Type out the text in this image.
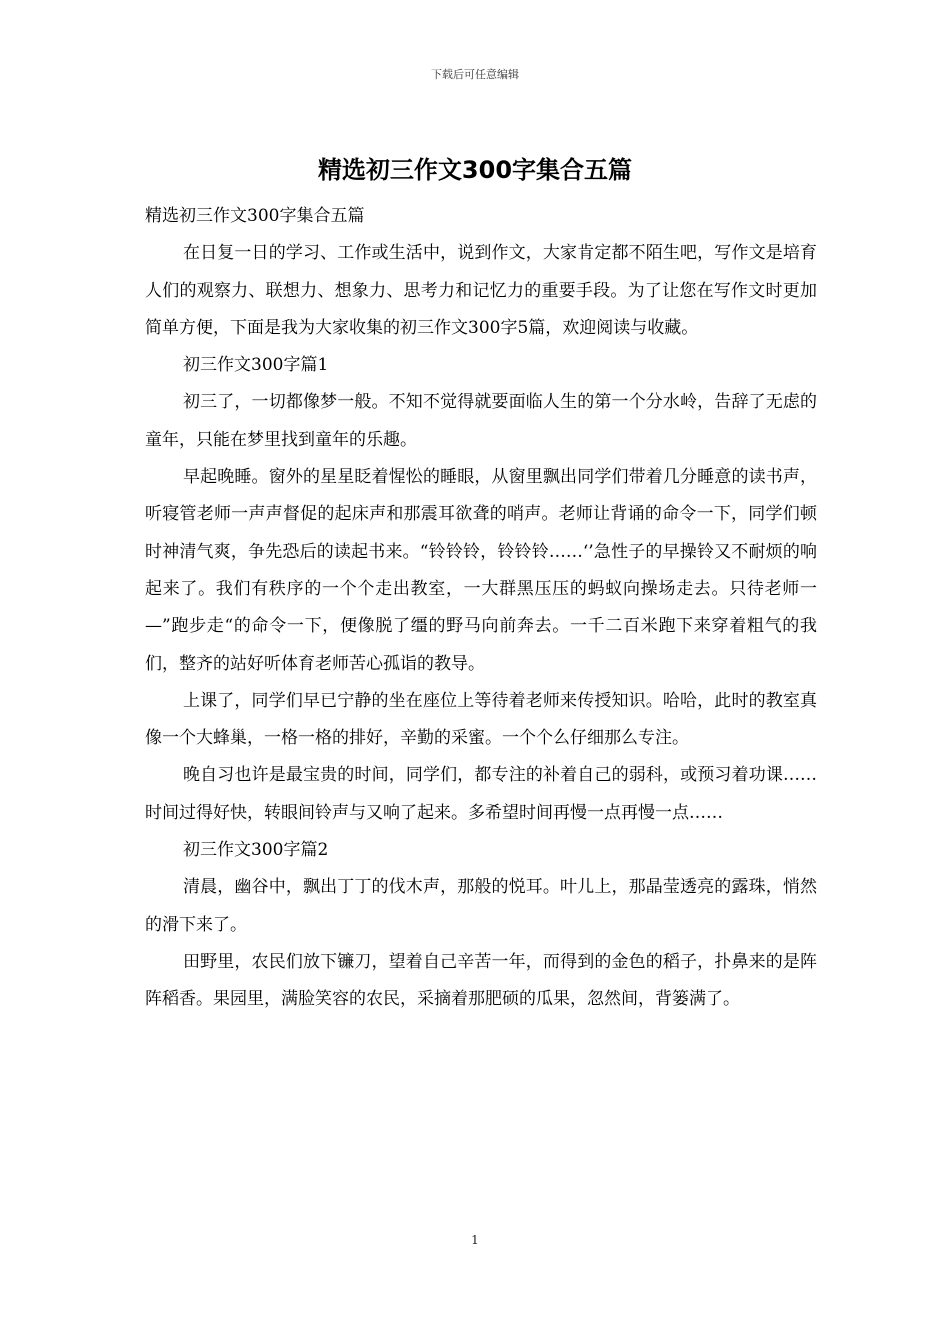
下载后可任意编辑
精选初三作文300字集合五篇

精选初三作文300字集合五篇

在日复一日的学习、工作或生活中，说到作文，大家肯定都不陌生吧，写作文是培育人们的观察力、联想力、想象力、思考力和记忆力的重要手段。为了让您在写作文时更加简单方便，下面是我为大家收集的初三作文300字5篇，欢迎阅读与收藏。

初三作文300字篇1

初三了，一切都像梦一般。不知不觉得就要面临人生的第一个分水岭，告辞了无虑的童年，只能在梦里找到童年的乐趣。

早起晚睡。窗外的星星眨着惺忪的睡眼，从窗里飘出同学们带着几分睡意的读书声，听寝管老师一声声督促的起床声和那震耳欲聋的哨声。老师让背诵的命令一下，同学们顿时神清气爽，争先恐后的读起书来。“铃铃铃，铃铃铃……‘’急性子的早操铃又不耐烦的响起来了。我们有秩序的一个个走出教室，一大群黑压压的蚂蚁向操场走去。只待老师一—”跑步走“的命令一下，便像脱了缰的野马向前奔去。一千二百米跑下来穿着粗气的我们，整齐的站好听体育老师苦心孤诣的教导。

上课了，同学们早已宁静的坐在座位上等待着老师来传授知识。哈哈，此时的教室真像一个大蜂巢，一格一格的排好，辛勤的采蜜。一个个么仔细那么专注。

晚自习也许是最宝贵的时间，同学们，都专注的补着自己的弱科，或预习着功课……时间过得好快，转眼间铃声与又响了起来。多希望时间再慢一点再慢一点……

初三作文300字篇2

清晨，幽谷中，飘出丁丁的伐木声，那般的悦耳。叶儿上，那晶莹透亮的露珠，悄然的滑下来了。

田野里，农民们放下镰刀，望着自己辛苦一年，而得到的金色的稻子，扑鼻来的是阵阵稻香。果园里，满脸笑容的农民，采摘着那肥硕的瓜果，忽然间，背篓满了。

1
